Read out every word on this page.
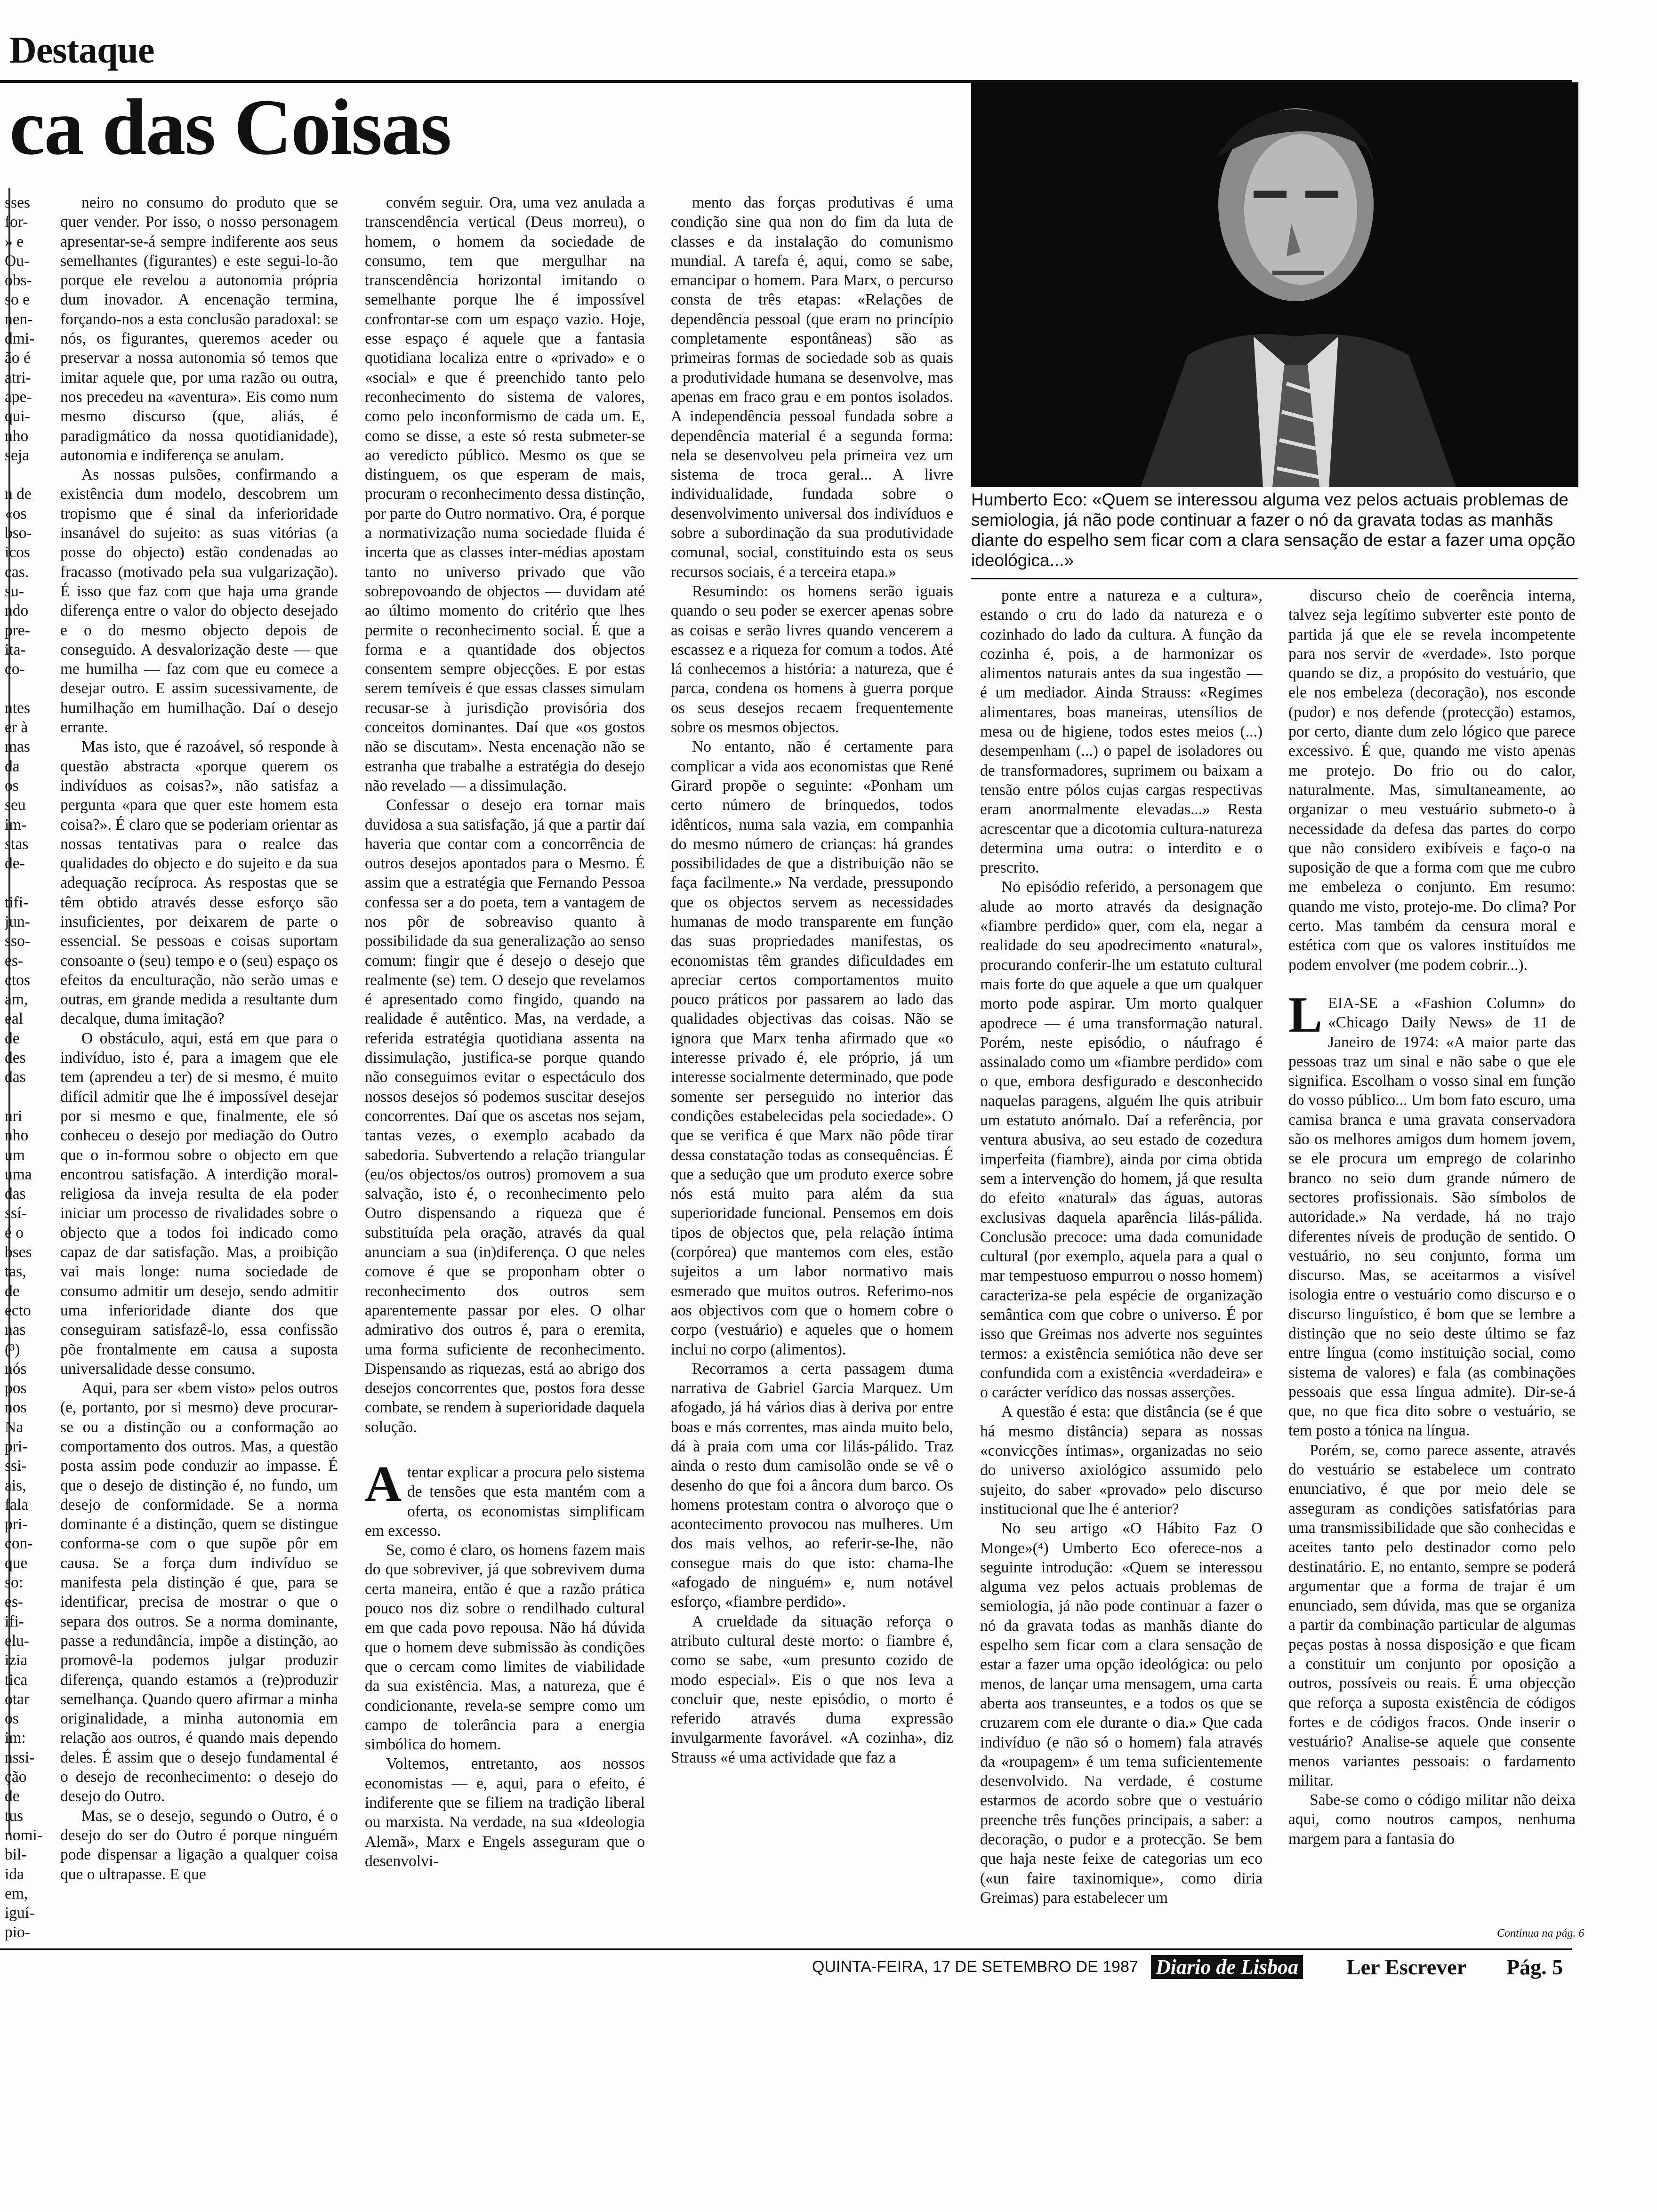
Destaque
ca das Coisas
sses
for-
» e
Ou-
obs-
so e
nen-
dmi-
ão é
atri-
ape-
qui-
nho
seja
n de
«os
bso-
icos
cas.
su-
ndo
pre-
ita-
co-
ntes
er à
mas
da
os
seu
im-
stas
de-
tifi-
jun-
sso-
es-
ctos
am,
eal
de
des
das
nri
nho
um
uma
das
ssí-
é o
bses
tas,
de
ecto
nas
(³)
nós
pos
nos
Na
pri-
ssi-
ais,
fala
pri-
con-
que
so:
es-
ifi-
elu-
izia
tica
otar
os
im:
nssi-
ção
de
tus
nomi-
bil-
ida
em,
iguí-
pio-

neiro no consumo do produto que se quer vender. Por isso, o nosso personagem apresentar-se-á sempre indiferente aos seus semelhantes (figurantes) e este segui-lo-ão porque ele revelou a autonomia própria dum inovador. A encenação termina, forçando-nos a esta conclusão paradoxal: se nós, os figurantes, queremos aceder ou preservar a nossa autonomia só temos que imitar aquele que, por uma razão ou outra, nos precedeu na «aventura». Eis como num mesmo discurso (que, aliás, é paradigmático da nossa quotidianidade), autonomia e indiferença se anulam.

As nossas pulsões, confirmando a existência dum modelo, descobrem um tropismo que é sinal da inferioridade insanável do sujeito: as suas vitórias (a posse do objecto) estão condenadas ao fracasso (motivado pela sua vulgarização). É isso que faz com que haja uma grande diferença entre o valor do objecto desejado e o do mesmo objecto depois de conseguido. A desvalorização deste — que me humilha — faz com que eu comece a desejar outro. E assim sucessivamente, de humilhação em humilhação. Daí o desejo errante.

Mas isto, que é razoável, só responde à questão abstracta «porque querem os indivíduos as coisas?», não satisfaz a pergunta «para que quer este homem esta coisa?». É claro que se poderiam orientar as nossas tentativas para o realce das qualidades do objecto e do sujeito e da sua adequação recíproca. As respostas que se têm obtido através desse esforço são insuficientes, por deixarem de parte o essencial. Se pessoas e coisas suportam consoante o (seu) tempo e o (seu) espaço os efeitos da enculturação, não serão umas e outras, em grande medida a resultante dum decalque, duma imitação?

O obstáculo, aqui, está em que para o indivíduo, isto é, para a imagem que ele tem (aprendeu a ter) de si mesmo, é muito difícil admitir que lhe é impossível desejar por si mesmo e que, finalmente, ele só conheceu o desejo por mediação do Outro que o in-formou sobre o objecto em que encontrou satisfação. A interdição moral-religiosa da inveja resulta de ela poder iniciar um processo de rivalidades sobre o objecto que a todos foi indicado como capaz de dar satisfação. Mas, a proibição vai mais longe: numa sociedade de consumo admitir um desejo, sendo admitir uma inferioridade diante dos que conseguiram satisfazê-lo, essa confissão põe frontalmente em causa a suposta universalidade desse consumo.

Aqui, para ser «bem visto» pelos outros (e, portanto, por si mesmo) deve procurar-se ou a distinção ou a conformação ao comportamento dos outros. Mas, a questão posta assim pode conduzir ao impasse. É que o desejo de distinção é, no fundo, um desejo de conformidade. Se a norma dominante é a distinção, quem se distingue conforma-se com o que supõe pôr em causa. Se a força dum indivíduo se manifesta pela distinção é que, para se identificar, precisa de mostrar o que o separa dos outros. Se a norma dominante, passe a redundância, impõe a distinção, ao promovê-la podemos julgar produzir diferença, quando estamos a (re)produzir semelhança. Quando quero afirmar a minha originalidade, a minha autonomia em relação aos outros, é quando mais dependo deles. É assim que o desejo fundamental é o desejo de reconhecimento: o desejo do desejo do Outro.

Mas, se o desejo, segundo o Outro, é o desejo do ser do Outro é porque ninguém pode dispensar a ligação a qualquer coisa que o ultrapasse. E que

convém seguir. Ora, uma vez anulada a transcendência vertical (Deus morreu), o homem, o homem da sociedade de consumo, tem que mergulhar na transcendência horizontal imitando o semelhante porque lhe é impossível confrontar-se com um espaço vazio. Hoje, esse espaço é aquele que a fantasia quotidiana localiza entre o «privado» e o «social» e que é preenchido tanto pelo reconhecimento do sistema de valores, como pelo inconformismo de cada um. E, como se disse, a este só resta submeter-se ao veredicto público. Mesmo os que se distinguem, os que esperam de mais, procuram o reconhecimento dessa distinção, por parte do Outro normativo. Ora, é porque a normativização numa sociedade fluida é incerta que as classes inter-médias apostam tanto no universo privado que vão sobrepovoando de objectos — duvidam até ao último momento do critério que lhes permite o reconhecimento social. É que a forma e a quantidade dos objectos consentem sempre objecções. E por estas serem temíveis é que essas classes simulam recusar-se à jurisdição provisória dos conceitos dominantes. Daí que «os gostos não se discutam». Nesta encenação não se estranha que trabalhe a estratégia do desejo não revelado — a dissimulação.

Confessar o desejo era tornar mais duvidosa a sua satisfação, já que a partir daí haveria que contar com a concorrência de outros desejos apontados para o Mesmo. É assim que a estratégia que Fernando Pessoa confessa ser a do poeta, tem a vantagem de nos pôr de sobreaviso quanto à possibilidade da sua generalização ao senso comum: fingir que é desejo o desejo que realmente (se) tem. O desejo que revelamos é apresentado como fingido, quando na realidade é autêntico. Mas, na verdade, a referida estratégia quotidiana assenta na dissimulação, justifica-se porque quando não conseguimos evitar o espectáculo dos nossos desejos só podemos suscitar desejos concorrentes. Daí que os ascetas nos sejam, tantas vezes, o exemplo acabado da sabedoria. Subvertendo a relação triangular (eu/os objectos/os outros) promovem a sua salvação, isto é, o reconhecimento pelo Outro dispensando a riqueza que é substituída pela oração, através da qual anunciam a sua (in)diferença. O que neles comove é que se proponham obter o reconhecimento dos outros sem aparentemente passar por eles. O olhar admirativo dos outros é, para o eremita, uma forma suficiente de reconhecimento. Dispensando as riquezas, está ao abrigo dos desejos concorrentes que, postos fora desse combate, se rendem à superioridade daquela solução.

A tentar explicar a procura pelo sistema de tensões que esta mantém com a oferta, os economistas simplificam em excesso.

Se, como é claro, os homens fazem mais do que sobreviver, já que sobrevivem duma certa maneira, então é que a razão prática pouco nos diz sobre o rendilhado cultural em que cada povo repousa. Não há dúvida que o homem deve submissão às condições que o cercam como limites de viabilidade da sua existência. Mas, a natureza, que é condicionante, revela-se sempre como um campo de tolerância para a energia simbólica do homem.

Voltemos, entretanto, aos nossos economistas — e, aqui, para o efeito, é indiferente que se filiem na tradição liberal ou marxista. Na verdade, na sua «Ideologia Alemã», Marx e Engels asseguram que o desenvolvi-

mento das forças produtivas é uma condição sine qua non do fim da luta de classes e da instalação do comunismo mundial. A tarefa é, aqui, como se sabe, emancipar o homem. Para Marx, o percurso consta de três etapas: «Relações de dependência pessoal (que eram no princípio completamente espontâneas) são as primeiras formas de sociedade sob as quais a produtividade humana se desenvolve, mas apenas em fraco grau e em pontos isolados. A independência pessoal fundada sobre a dependência material é a segunda forma: nela se desenvolveu pela primeira vez um sistema de troca geral... A livre individualidade, fundada sobre o desenvolvimento universal dos indivíduos e sobre a subordinação da sua produtividade comunal, social, constituindo esta os seus recursos sociais, é a terceira etapa.»

Resumindo: os homens serão iguais quando o seu poder se exercer apenas sobre as coisas e serão livres quando vencerem a escassez e a riqueza for comum a todos. Até lá conhecemos a história: a natureza, que é parca, condena os homens à guerra porque os seus desejos recaem frequentemente sobre os mesmos objectos.

No entanto, não é certamente para complicar a vida aos economistas que René Girard propõe o seguinte: «Ponham um certo número de brinquedos, todos idênticos, numa sala vazia, em companhia do mesmo número de crianças: há grandes possibilidades de que a distribuição não se faça facilmente.» Na verdade, pressupondo que os objectos servem as necessidades humanas de modo transparente em função das suas propriedades manifestas, os economistas têm grandes dificuldades em apreciar certos comportamentos muito pouco práticos por passarem ao lado das qualidades objectivas das coisas. Não se ignora que Marx tenha afirmado que «o interesse privado é, ele próprio, já um interesse socialmente determinado, que pode somente ser perseguido no interior das condições estabelecidas pela sociedade». O que se verifica é que Marx não pôde tirar dessa constatação todas as consequências. É que a sedução que um produto exerce sobre nós está muito para além da sua superioridade funcional. Pensemos em dois tipos de objectos que, pela relação íntima (corpórea) que mantemos com eles, estão sujeitos a um labor normativo mais esmerado que muitos outros. Referimo-nos aos objectivos com que o homem cobre o corpo (vestuário) e aqueles que o homem inclui no corpo (alimentos).

Recorramos a certa passagem duma narrativa de Gabriel Garcia Marquez. Um afogado, já há vários dias à deriva por entre boas e más correntes, mas ainda muito belo, dá à praia com uma cor lilás-pálido. Traz ainda o resto dum camisolão onde se vê o desenho do que foi a âncora dum barco. Os homens protestam contra o alvoroço que o acontecimento provocou nas mulheres. Um dos mais velhos, ao referir-se-lhe, não consegue mais do que isto: chama-lhe «afogado de ninguém» e, num notável esforço, «fiambre perdido».

A crueldade da situação reforça o atributo cultural deste morto: o fiambre é, como se sabe, «um presunto cozido de modo especial». Eis o que nos leva a concluir que, neste episódio, o morto é referido através duma expressão invulgarmente favorável. «A cozinha», diz Strauss «é uma actividade que faz a

Humberto Eco: «Quem se interessou alguma vez pelos actuais problemas de semiologia, já não pode continuar a fazer o nó da gravata todas as manhãs diante do espelho sem ficar com a clara sensação de estar a fazer uma opção ideológica...»

ponte entre a natureza e a cultura», estando o cru do lado da natureza e o cozinhado do lado da cultura. A função da cozinha é, pois, a de harmonizar os alimentos naturais antes da sua ingestão — é um mediador. Ainda Strauss: «Regimes alimentares, boas maneiras, utensílios de mesa ou de higiene, todos estes meios (...) desempenham (...) o papel de isoladores ou de transformadores, suprimem ou baixam a tensão entre pólos cujas cargas respectivas eram anormalmente elevadas...» Resta acrescentar que a dicotomia cultura-natureza determina uma outra: o interdito e o prescrito.

No episódio referido, a personagem que alude ao morto através da designação «fiambre perdido» quer, com ela, negar a realidade do seu apodrecimento «natural», procurando conferir-lhe um estatuto cultural mais forte do que aquele a que um qualquer morto pode aspirar. Um morto qualquer apodrece — é uma transformação natural. Porém, neste episódio, o náufrago é assinalado como um «fiambre perdido» com o que, embora desfigurado e desconhecido naquelas paragens, alguém lhe quis atribuir um estatuto anómalo. Daí a referência, por ventura abusiva, ao seu estado de cozedura imperfeita (fiambre), ainda por cima obtida sem a intervenção do homem, já que resulta do efeito «natural» das águas, autoras exclusivas daquela aparência lilás-pálida. Conclusão precoce: uma dada comunidade cultural (por exemplo, aquela para a qual o mar tempestuoso empurrou o nosso homem) caracteriza-se pela espécie de organização semântica com que cobre o universo. É por isso que Greimas nos adverte nos seguintes termos: a existência semiótica não deve ser confundida com a existência «verdadeira» e o carácter verídico das nossas asserções.

A questão é esta: que distância (se é que há mesmo distância) separa as nossas «convicções íntimas», organizadas no seio do universo axiológico assumido pelo sujeito, do saber «provado» pelo discurso institucional que lhe é anterior?

No seu artigo «O Hábito Faz O Monge»(⁴) Umberto Eco oferece-nos a seguinte introdução: «Quem se interessou alguma vez pelos actuais problemas de semiologia, já não pode continuar a fazer o nó da gravata todas as manhãs diante do espelho sem ficar com a clara sensação de estar a fazer uma opção ideológica: ou pelo menos, de lançar uma mensagem, uma carta aberta aos transeuntes, e a todos os que se cruzarem com ele durante o dia.» Que cada indivíduo (e não só o homem) fala através da «roupagem» é um tema suficientemente desenvolvido. Na verdade, é costume estarmos de acordo sobre que o vestuário preenche três funções principais, a saber: a decoração, o pudor e a protecção. Se bem que haja neste feixe de categorias um eco («un faire taxinomique», como diria Greimas) para estabelecer um

discurso cheio de coerência interna, talvez seja legítimo subverter este ponto de partida já que ele se revela incompetente para nos servir de «verdade». Isto porque quando se diz, a propósito do vestuário, que ele nos embeleza (decoração), nos esconde (pudor) e nos defende (protecção) estamos, por certo, diante dum zelo lógico que parece excessivo. É que, quando me visto apenas me protejo. Do frio ou do calor, naturalmente. Mas, simultaneamente, ao organizar o meu vestuário submeto-o à necessidade da defesa das partes do corpo que não considero exibíveis e faço-o na suposição de que a forma com que me cubro me embeleza o conjunto. Em resumo: quando me visto, protejo-me. Do clima? Por certo. Mas também da censura moral e estética com que os valores instituídos me podem envolver (me podem cobrir...).

L EIA-SE a «Fashion Column» do «Chicago Daily News» de 11 de Janeiro de 1974: «A maior parte das pessoas traz um sinal e não sabe o que ele significa. Escolham o vosso sinal em função do vosso público... Um bom fato escuro, uma camisa branca e uma gravata conservadora são os melhores amigos dum homem jovem, se ele procura um emprego de colarinho branco no seio dum grande número de sectores profissionais. São símbolos de autoridade.» Na verdade, há no trajo diferentes níveis de produção de sentido. O vestuário, no seu conjunto, forma um discurso. Mas, se aceitarmos a visível isologia entre o vestuário como discurso e o discurso linguístico, é bom que se lembre a distinção que no seio deste último se faz entre língua (como instituição social, como sistema de valores) e fala (as combinações pessoais que essa língua admite). Dir-se-á que, no que fica dito sobre o vestuário, se tem posto a tónica na língua.

Porém, se, como parece assente, através do vestuário se estabelece um contrato enunciativo, é que por meio dele se asseguram as condições satisfatórias para uma transmissibilidade que são conhecidas e aceites tanto pelo destinador como pelo destinatário. E, no entanto, sempre se poderá argumentar que a forma de trajar é um enunciado, sem dúvida, mas que se organiza a partir da combinação particular de algumas peças postas à nossa disposição e que ficam a constituir um conjunto por oposição a outros, possíveis ou reais. É uma objecção que reforça a suposta existência de códigos fortes e de códigos fracos. Onde inserir o vestuário? Analise-se aquele que consente menos variantes pessoais: o fardamento militar.

Sabe-se como o código militar não deixa aqui, como noutros campos, nenhuma margem para a fantasia do

Continua na pág. 6
QUINTA-FEIRA, 17 DE SETEMBRO DE 1987 Diario de Lisboa Ler Escrever Pág. 5
